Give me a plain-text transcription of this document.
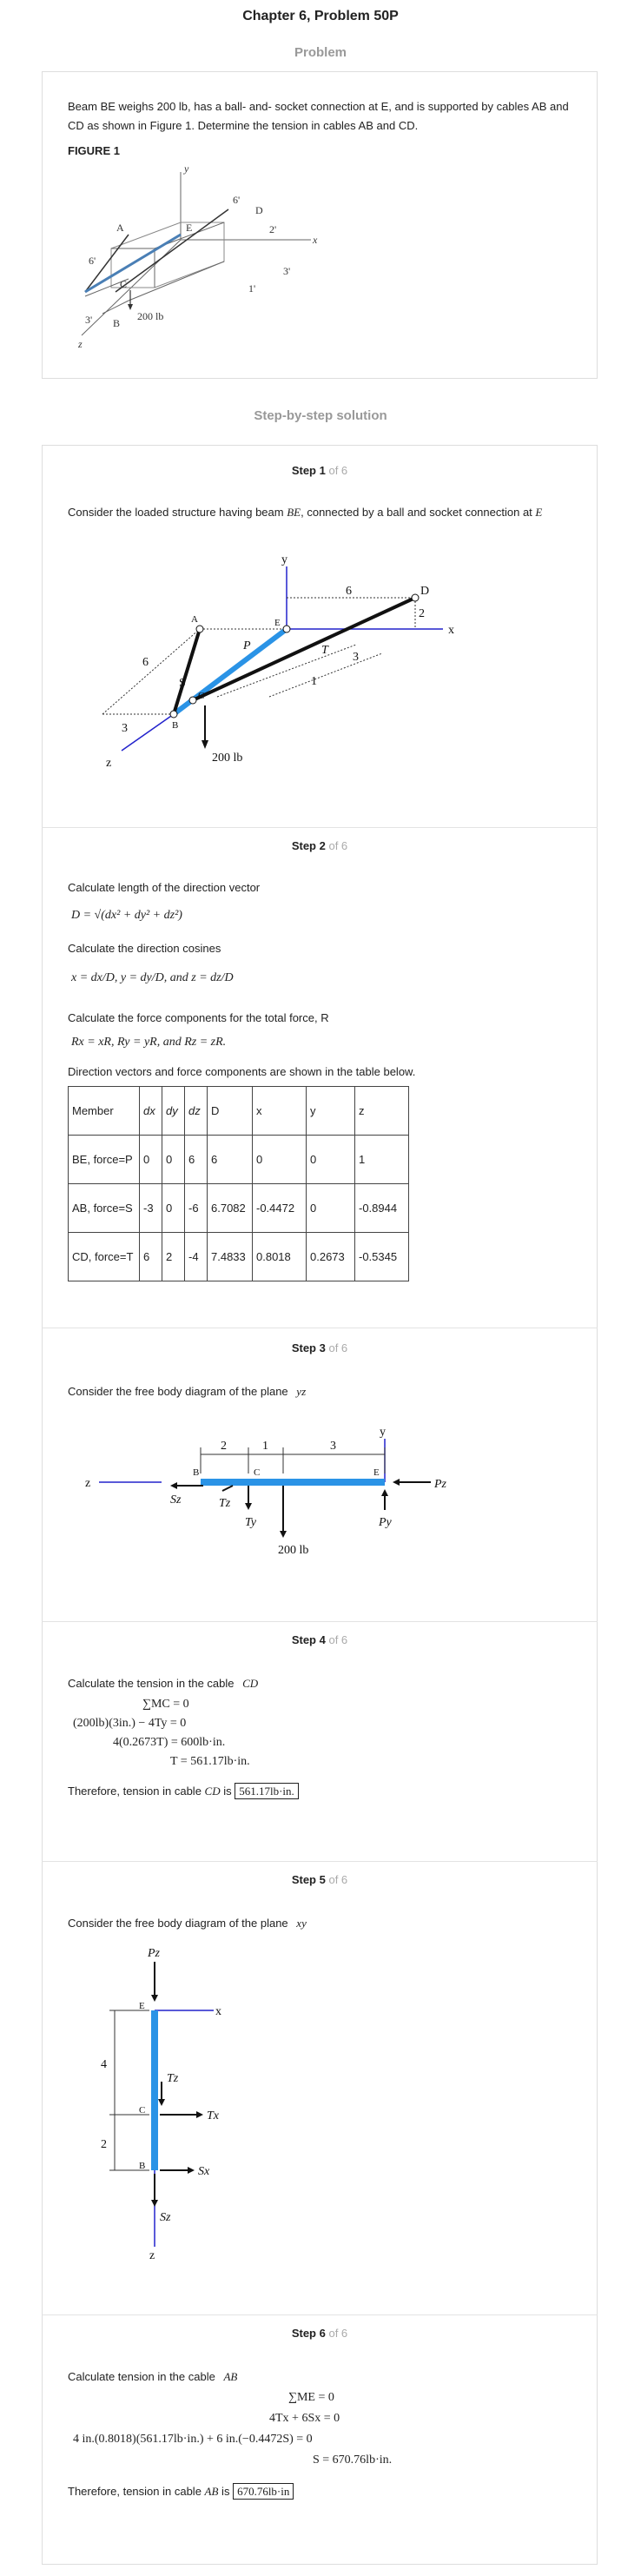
Chapter 6, Problem 50P
Problem
Beam BE weighs 200 lb, has a ball- and- socket connection at E, and is supported by cables AB and CD as shown in Figure 1. Determine the tension in cables AB and CD.
FIGURE 1
y
6'
D
A	E	2'
x
6'
3'
C	1'
3' B
200 lb
z
Step-by-step solution
Step 1 of 6
Consider the loaded structure having beam BE, connected by a ball and socket connection at E
y
6	D
2
x
A	E
P	T
3
6
S
C
1
B
3
200 lb
z
Step 2 of 6
Calculate length of the direction vector
D = √(dx² + dy² + dz²)
Calculate the direction cosines
x = dx/D, y = dy/D, and z = dz/D
Calculate the force components for the total force, R
Rx = xR, Ry = yR, and Rz = zR.
Direction vectors and force components are shown in the table below.
Member	dx	dy	dz	D	x	y	z
BE, force=P	0	0	6	6	0	0	1
AB, force=S	-3	0	-6	6.7082	-0.4472	0	-0.8944
CD, force=T	6	2	-4	7.4833	0.8018	0.2673	-0.5345
Step 3 of 6
Consider the free body diagram of the plane yz
y
z
2	1	3
B	C	E
Pz
Sz	Tz
Ty
200 lb
Py
Step 4 of 6
Calculate the tension in the cable CD
∑MC = 0
(200lb)(3in.) − 4Ty = 0
4(0.2673T) = 600lb·in.
T = 561.17lb·in.
Therefore, tension in cable CD is 561.17lb·in.
Step 5 of 6
Consider the free body diagram of the plane xy
Pz
E	x
4
Tz
C	Tx
2
B	Sx
Sz
z
Step 6 of 6
Calculate tension in the cable AB
∑ME = 0
4Tx + 6Sx = 0
4 in.(0.8018)(561.17lb·in.) + 6 in.(−0.4472S) = 0
S = 670.76lb·in.
Therefore, tension in cable AB is 670.76lb·in
